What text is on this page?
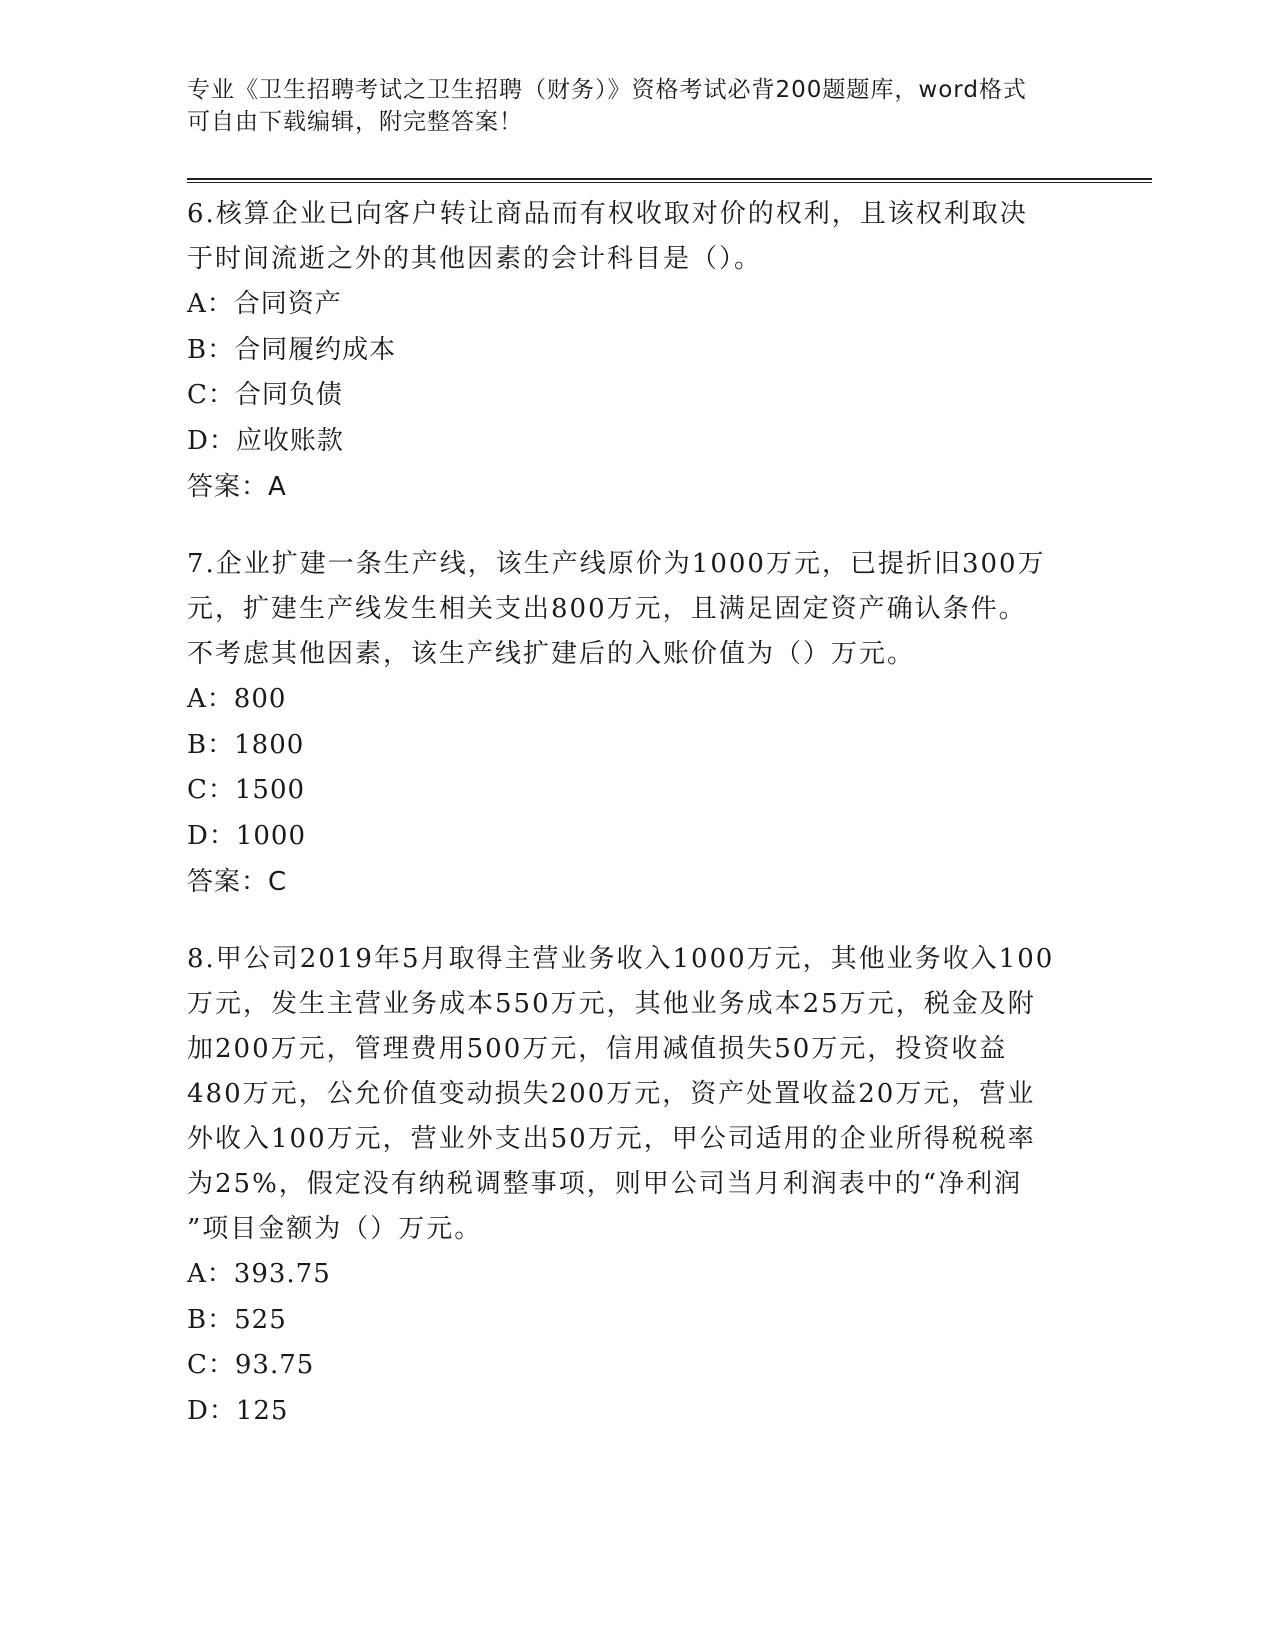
专业《卫生招聘考试之卫生招聘（财务）》资格考试必背200题题库，word格式
可自由下载编辑，附完整答案！
6.核算企业已向客户转让商品而有权收取对价的权利，且该权利取决
于时间流逝之外的其他因素的会计科目是（）。
A：合同资产
B：合同履约成本
C：合同负债
D：应收账款
答案：A
7.企业扩建一条生产线，该生产线原价为1000万元，已提折旧300万
元，扩建生产线发生相关支出800万元，且满足固定资产确认条件。
不考虑其他因素，该生产线扩建后的入账价值为（）万元。
A：800
B：1800
C：1500
D：1000
答案：C
8.甲公司2019年5月取得主营业务收入1000万元，其他业务收入100
万元，发生主营业务成本550万元，其他业务成本25万元，税金及附
加200万元，管理费用500万元，信用减值损失50万元，投资收益
480万元，公允价值变动损失200万元，资产处置收益20万元，营业
外收入100万元，营业外支出50万元，甲公司适用的企业所得税税率
为25%，假定没有纳税调整事项，则甲公司当月利润表中的“净利润
”项目金额为（）万元。
A：393.75
B：525
C：93.75
D：125
